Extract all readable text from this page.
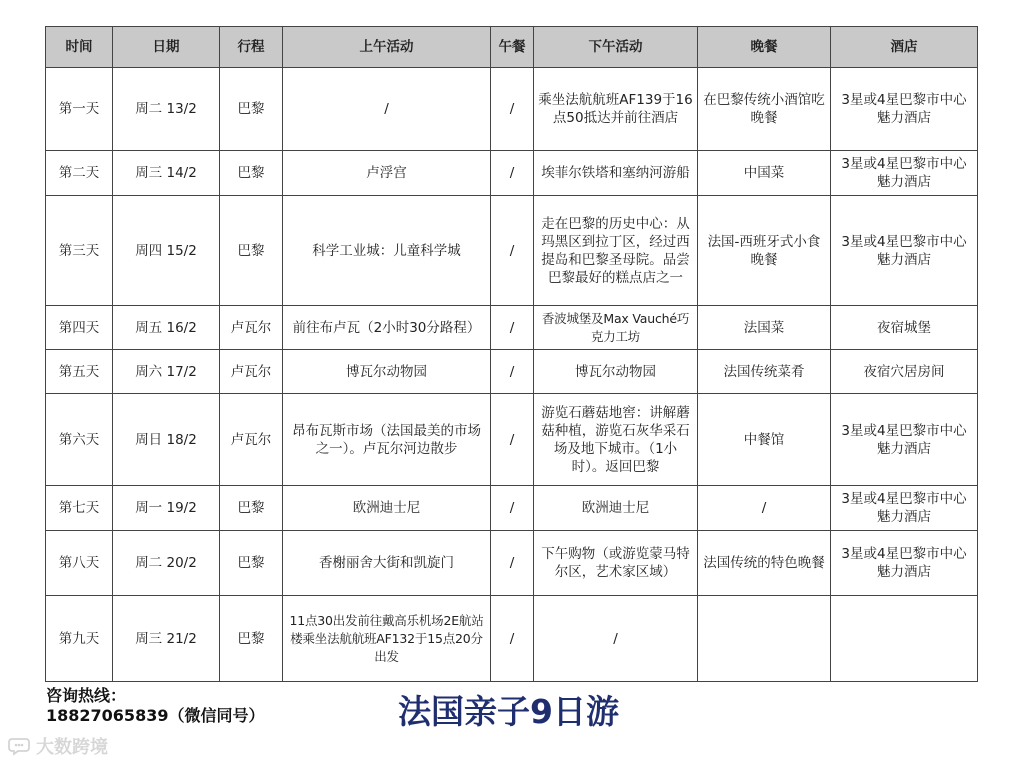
时间	日期	行程	上午活动	午餐	下午活动	晚餐	酒店
第一天	周二 13/2	巴黎	/	/	乘坐法航航班AF139于16点50抵达并前往酒店	在巴黎传统小酒馆吃晚餐	3星或4星巴黎市中心魅力酒店
第二天	周三 14/2	巴黎	卢浮宫	/	埃菲尔铁塔和塞纳河游船	中国菜	3星或4星巴黎市中心魅力酒店
第三天	周四 15/2	巴黎	科学工业城：儿童科学城	/	走在巴黎的历史中心：从玛黑区到拉丁区，经过西提岛和巴黎圣母院。品尝巴黎最好的糕点店之一	法国-西班牙式小食晚餐	3星或4星巴黎市中心魅力酒店
第四天	周五 16/2	卢瓦尔	前往布卢瓦（2小时30分路程）	/	香波城堡及Max Vauché巧克力工坊	法国菜	夜宿城堡
第五天	周六 17/2	卢瓦尔	博瓦尔动物园	/	博瓦尔动物园	法国传统菜肴	夜宿穴居房间
第六天	周日 18/2	卢瓦尔	昂布瓦斯市场（法国最美的市场之一）。卢瓦尔河边散步	/	游览石蘑菇地窖：讲解蘑菇种植，游览石灰华采石场及地下城市。（1小时）。返回巴黎	中餐馆	3星或4星巴黎市中心魅力酒店
第七天	周一 19/2	巴黎	欧洲迪士尼	/	欧洲迪士尼	/	3星或4星巴黎市中心魅力酒店
第八天	周二 20/2	巴黎	香榭丽舍大街和凯旋门	/	下午购物（或游览蒙马特尔区，艺术家区域）	法国传统的特色晚餐	3星或4星巴黎市中心魅力酒店
第九天	周三 21/2	巴黎	11点30出发前往戴高乐机场2E航站楼乘坐法航航班AF132于15点20分出发	/	/		
咨询热线：
18827065839（微信同号）	法国亲子9日游
大数跨境
